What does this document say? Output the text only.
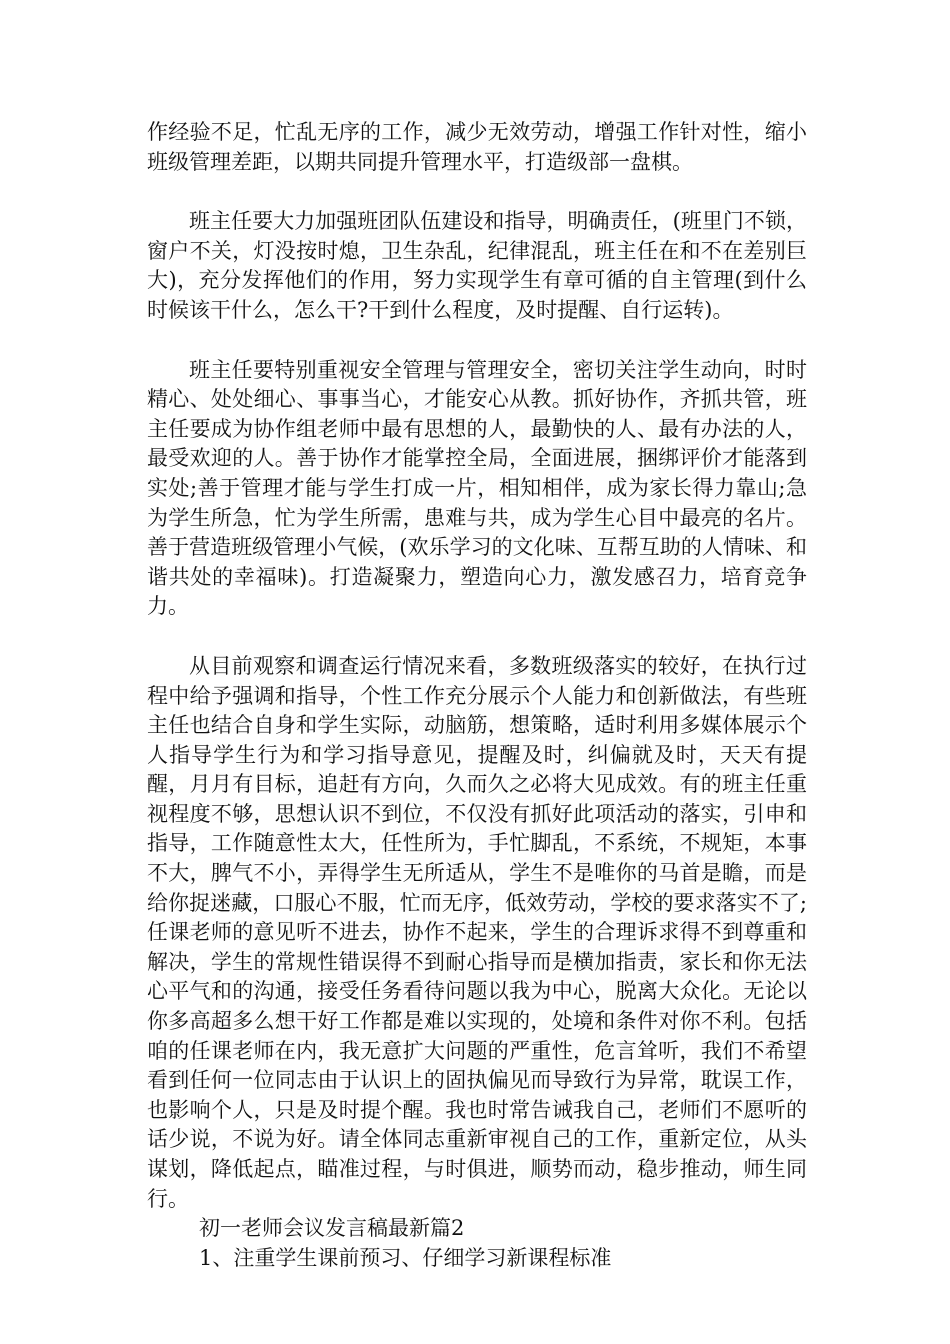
作经验不足，忙乱无序的工作，减少无效劳动，增强工作针对性，缩小班级管理差距，以期共同提升管理水平，打造级部一盘棋。

班主任要大力加强班团队伍建设和指导，明确责任，(班里门不锁，窗户不关，灯没按时熄，卫生杂乱，纪律混乱，班主任在和不在差别巨大)，充分发挥他们的作用，努力实现学生有章可循的自主管理(到什么时候该干什么，怎么干?干到什么程度，及时提醒、自行运转)。

班主任要特别重视安全管理与管理安全，密切关注学生动向，时时精心、处处细心、事事当心，才能安心从教。抓好协作，齐抓共管，班主任要成为协作组老师中最有思想的人，最勤快的人、最有办法的人，最受欢迎的人。善于协作才能掌控全局，全面进展，捆绑评价才能落到实处;善于管理才能与学生打成一片，相知相伴，成为家长得力靠山;急为学生所急，忙为学生所需，患难与共，成为学生心目中最亮的名片。善于营造班级管理小气候，(欢乐学习的文化味、互帮互助的人情味、和谐共处的幸福味)。打造凝聚力，塑造向心力，激发感召力，培育竞争力。

从目前观察和调查运行情况来看，多数班级落实的较好，在执行过程中给予强调和指导，个性工作充分展示个人能力和创新做法，有些班主任也结合自身和学生实际，动脑筋，想策略，适时利用多媒体展示个人指导学生行为和学习指导意见，提醒及时，纠偏就及时，天天有提醒，月月有目标，追赶有方向，久而久之必将大见成效。有的班主任重视程度不够，思想认识不到位，不仅没有抓好此项活动的落实，引申和指导，工作随意性太大，任性所为，手忙脚乱，不系统，不规矩，本事不大，脾气不小，弄得学生无所适从，学生不是唯你的马首是瞻，而是给你捉迷藏，口服心不服，忙而无序，低效劳动，学校的要求落实不了;任课老师的意见听不进去，协作不起来，学生的合理诉求得不到尊重和解决，学生的常规性错误得不到耐心指导而是横加指责，家长和你无法心平气和的沟通，接受任务看待问题以我为中心，脱离大众化。无论以你多高超多么想干好工作都是难以实现的，处境和条件对你不利。包括咱的任课老师在内，我无意扩大问题的严重性，危言耸听，我们不希望看到任何一位同志由于认识上的固执偏见而导致行为异常，耽误工作，也影响个人，只是及时提个醒。我也时常告诫我自己，老师们不愿听的话少说，不说为好。请全体同志重新审视自己的工作，重新定位，从头谋划，降低起点，瞄准过程，与时俱进，顺势而动，稳步推动，师生同行。

初一老师会议发言稿最新篇2

1、注重学生课前预习、仔细学习新课程标准
